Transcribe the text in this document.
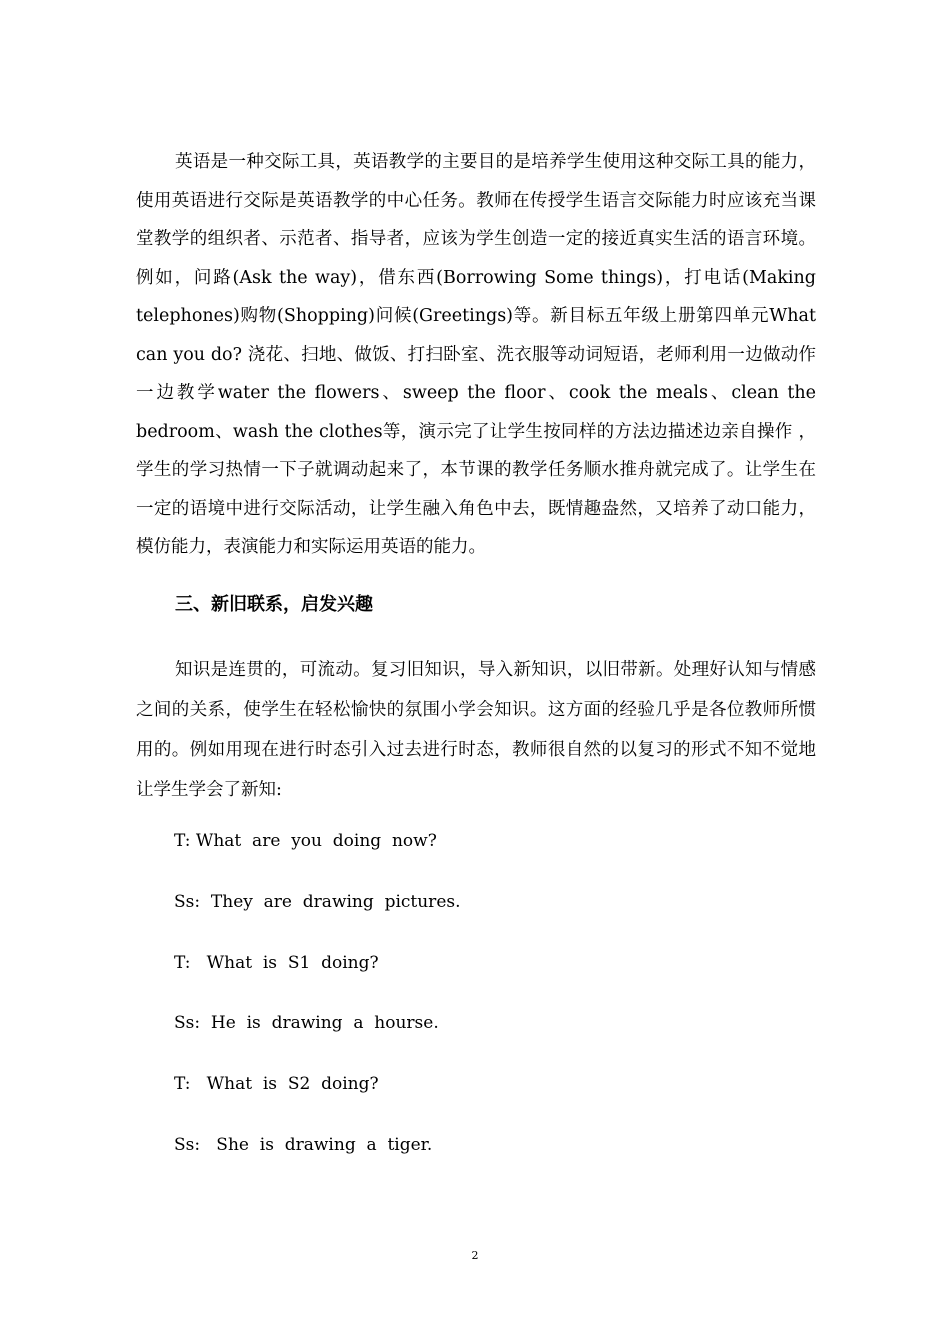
英语是一种交际工具，英语教学的主要目的是培养学生使用这种交际工具的能力，使用英语进行交际是英语教学的中心任务。教师在传授学生语言交际能力时应该充当课堂教学的组织者、示范者、指导者，应该为学生创造一定的接近真实生活的语言环境。例如，问路(Ask the way)，借东西(Borrowing Some things)，打电话(Making telephones)购物(Shopping)问候(Greetings)等。新目标五年级上册第四单元What can you do? 浇花、扫地、做饭、打扫卧室、洗衣服等动词短语，老师利用一边做动作一边教学water the flowers、sweep the floor、cook the meals、clean the bedroom、wash the clothes等，演示完了让学生按同样的方法边描述边亲自操作 ，学生的学习热情一下子就调动起来了，本节课的教学任务顺水推舟就完成了。让学生在一定的语境中进行交际活动，让学生融入角色中去，既情趣盎然，又培养了动口能力，模仿能力，表演能力和实际运用英语的能力。

三、新旧联系，启发兴趣

知识是连贯的，可流动。复习旧知识，导入新知识，以旧带新。处理好认知与情感之间的关系，使学生在轻松愉快的氛围小学会知识。这方面的经验几乎是各位教师所惯用的。例如用现在进行时态引入过去进行时态，教师很自然的以复习的形式不知不觉地让学生学会了新知:

T: What  are  you  doing  now?
Ss:  They  are  drawing  pictures.
T:   What  is  S1  doing?
Ss:  He  is  drawing  a  hourse.
T:   What  is  S2  doing?
Ss:   She  is  drawing  a  tiger.
2
